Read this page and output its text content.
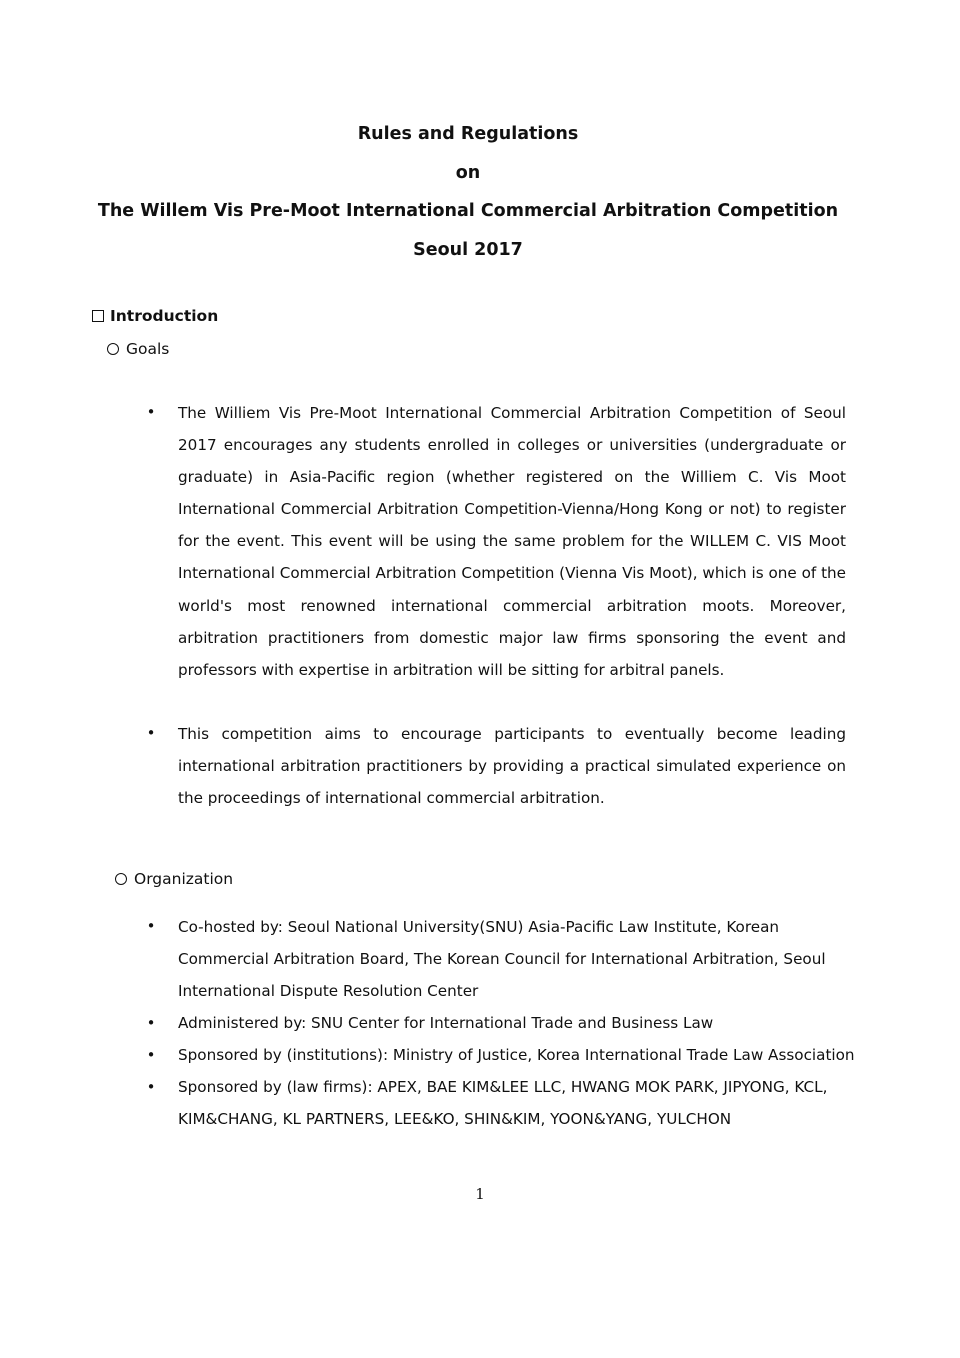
Rules and Regulations
on
The Willem Vis Pre-Moot International Commercial Arbitration Competition
Seoul 2017
Introduction
Goals
• The Williem Vis Pre-Moot International Commercial Arbitration Competition of Seoul 2017 encourages any students enrolled in colleges or universities (undergraduate or graduate) in Asia-Pacific region (whether registered on the Williem C. Vis Moot International Commercial Arbitration Competition-Vienna/Hong Kong or not) to register for the event. This event will be using the same problem for the WILLEM C. VIS Moot International Commercial Arbitration Competition (Vienna Vis Moot), which is one of the world's most renowned international commercial arbitration moots. Moreover, arbitration practitioners from domestic major law firms sponsoring the event and professors with expertise in arbitration will be sitting for arbitral panels.
• This competition aims to encourage participants to eventually become leading international arbitration practitioners by providing a practical simulated experience on the proceedings of international commercial arbitration.
Organization
• Co-hosted by: Seoul National University(SNU) Asia-Pacific Law Institute, Korean
Commercial Arbitration Board, The Korean Council for International Arbitration, Seoul
International Dispute Resolution Center
• Administered by: SNU Center for International Trade and Business Law
• Sponsored by (institutions): Ministry of Justice, Korea International Trade Law Association
• Sponsored by (law firms): APEX, BAE KIM&LEE LLC, HWANG MOK PARK, JIPYONG, KCL,
KIM&CHANG, KL PARTNERS, LEE&KO, SHIN&KIM, YOON&YANG, YULCHON
1
